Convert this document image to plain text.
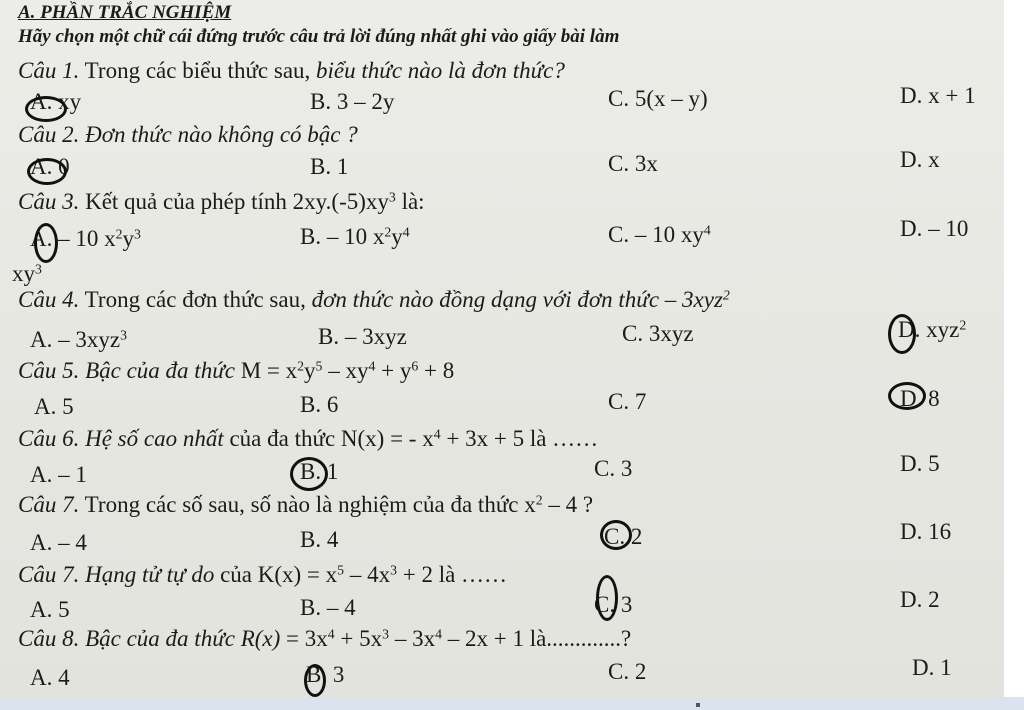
A. PHẦN TRẮC NGHIỆM
Hãy chọn một chữ cái đứng trước câu trả lời đúng nhất ghi vào giấy bài làm
Câu 1. Trong các biểu thức sau, biểu thức nào là đơn thức?
A. xy	B. 3 – 2y	C. 5(x – y)	D. x + 1
Câu 2. Đơn thức nào không có bậc ?
A. 0	B. 1	C. 3x	D. x
Câu 3. Kết quả của phép tính $2xy.(-5)xy^3$ là:
A. – 10 $x^2y^3$	B. – 10 $x^2y^4$	C. – 10 $xy^4$	D. – 10
$xy^3$
Câu 4. Trong các đơn thức sau, đơn thức nào đồng dạng với đơn thức – 3xyz$^2$
A. – 3xyz$^3$	B. – 3xyz	C. 3xyz	D. xyz$^2$
Câu 5. Bậc của đa thức $M = x^2y^5 - xy^4 + y^6 + 8$
A. 5	B. 6	C. 7	D. 8
Câu 6. Hệ số cao nhất của đa thức N(x) = - $x^4 + 3x + 5$ là ……
A. – 1	B. 1	C. 3	D. 5
Câu 7. Trong các số sau, số nào là nghiệm của đa thức $x^2 - 4$ ?
A. – 4	B. 4	C. 2	D. 16
Câu 7. Hạng tử tự do của $K(x) = x^5 - 4x^3 + 2$ là ……
A. 5	B. – 4	C. 3	D. 2
Câu 8. Bậc của đa thức $R(x) = 3x^4 + 5x^3 - 3x^4 - 2x + 1$ là.............?
A. 4	B. 3	C. 2	D. 1
